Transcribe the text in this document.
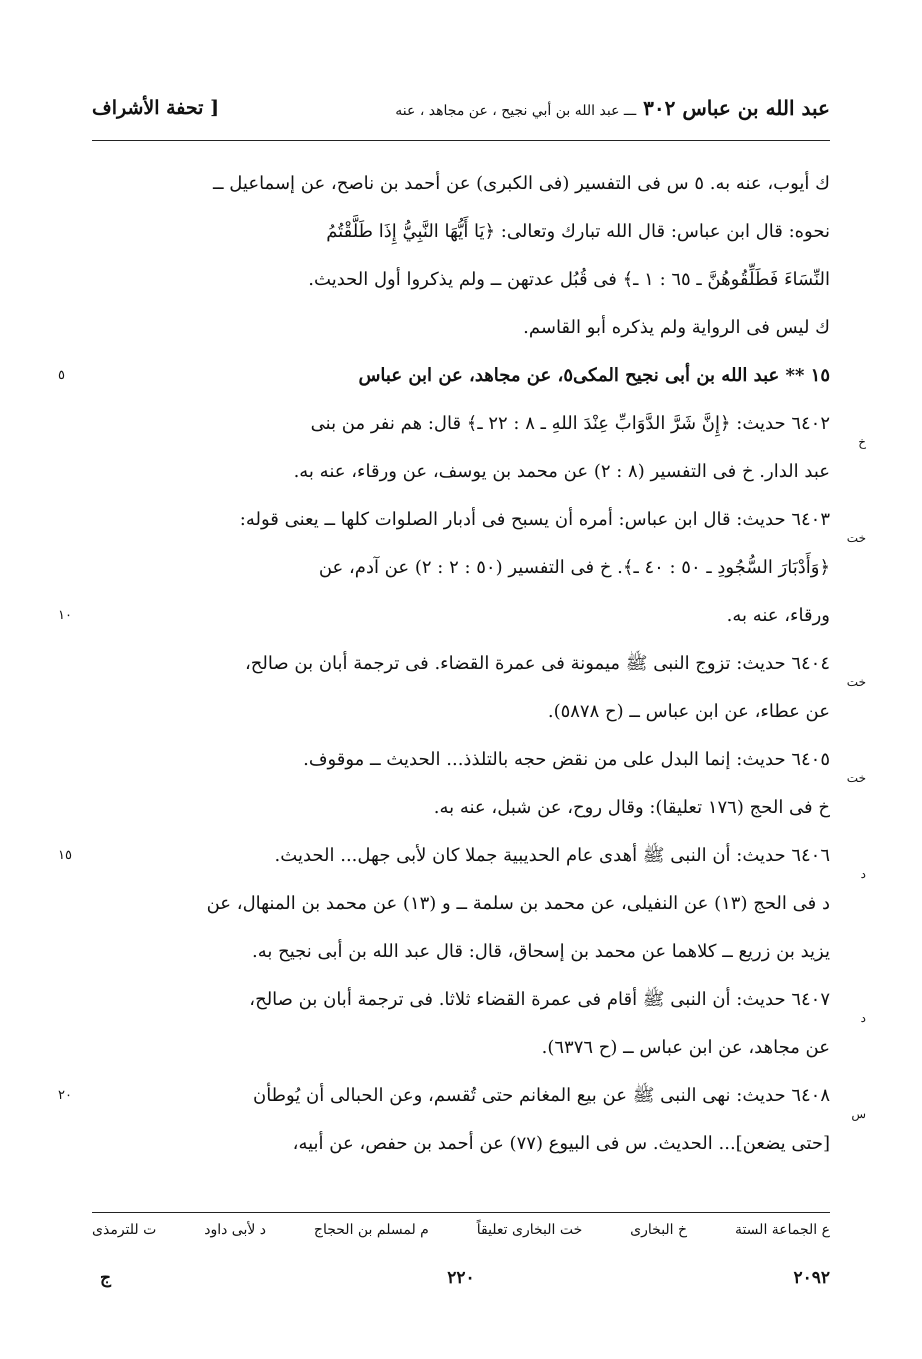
عبد الله بن عباس ٣٠٢ ـــ عبد الله بن أبي نجيح ، عن مجاهد ، عنه
[ تحفة الأشراف
ك أيوب، عنه به. ٥ س فى التفسير (فى الكبرى) عن أحمد بن ناصح، عن إسماعيل ــ
نحوه: قال ابن عباس: قال الله تبارك وتعالى: ﴿يَا أَيُّهَا النَّبِيُّ إِذَا طَلَّقْتُمُ
النِّسَاءَ فَطَلِّقُوهُنَّ ـ ٦٥ : ١ ـ﴾ فى قُبُل عدتهن ــ ولم يذكروا أول الحديث.
ك ليس فى الرواية ولم يذكره أبو القاسم.
١٥ ** عبد الله بن أبى نجيح المكى٥، عن مجاهد، عن ابن عباس
٥
٦٤٠٢ حديث: ﴿إِنَّ شَرَّ الدَّوَابِّ عِنْدَ اللهِ ـ ٨ : ٢٢ ـ﴾ قال: هم نفر من بنى
خ
عبد الدار. خ فى التفسير (٨ : ٢) عن محمد بن يوسف، عن ورقاء، عنه به.
٦٤٠٣ حديث: قال ابن عباس: أمره أن يسبح فى أدبار الصلوات كلها ــ يعنى قوله:
خت
﴿وَأَدْبَارَ السُّجُودِ ـ ٥٠ : ٤٠ ـ﴾. خ فى التفسير (٥٠ : ٢ : ٢) عن آدم، عن
ورقاء، عنه به.
١٠
٦٤٠٤ حديث: تزوج النبى ﷺ ميمونة فى عمرة القضاء. فى ترجمة أبان بن صالح،
خت
عن عطاء، عن ابن عباس ــ (ح ٥٨٧٨).
٦٤٠٥ حديث: إنما البدل على من نقض حجه بالتلذذ... الحديث ــ موقوف.
خت
خ فى الحج (١٧٦ تعليقا): وقال روح، عن شبل، عنه به.
٦٤٠٦ حديث: أن النبى ﷺ أهدى عام الحديبية جملا كان لأبى جهل... الحديث.
١٥
د
د فى الحج (١٣) عن النفيلى، عن محمد بن سلمة ــ و (١٣) عن محمد بن المنهال، عن
يزيد بن زريع ــ كلاهما عن محمد بن إسحاق، قال: قال عبد الله بن أبى نجيح به.
٦٤٠٧ حديث: أن النبى ﷺ أقام فى عمرة القضاء ثلاثا. فى ترجمة أبان بن صالح،
د
عن مجاهد، عن ابن عباس ــ (ح ٦٣٧٦).
٦٤٠٨ حديث: نهى النبى ﷺ عن بيع المغانم حتى تُقسم، وعن الحبالى أن يُوطأن
٢٠
س
[حتى يضعن]... الحديث. س فى البيوع (٧٧) عن أحمد بن حفص، عن أبيه،
ع الجماعة الستة
خ البخارى
خت البخارى تعليقاً
م لمسلم بن الحجاج
د لأبى داود
ت للترمذى
٢٠٩٢
٢٢٠
ج
